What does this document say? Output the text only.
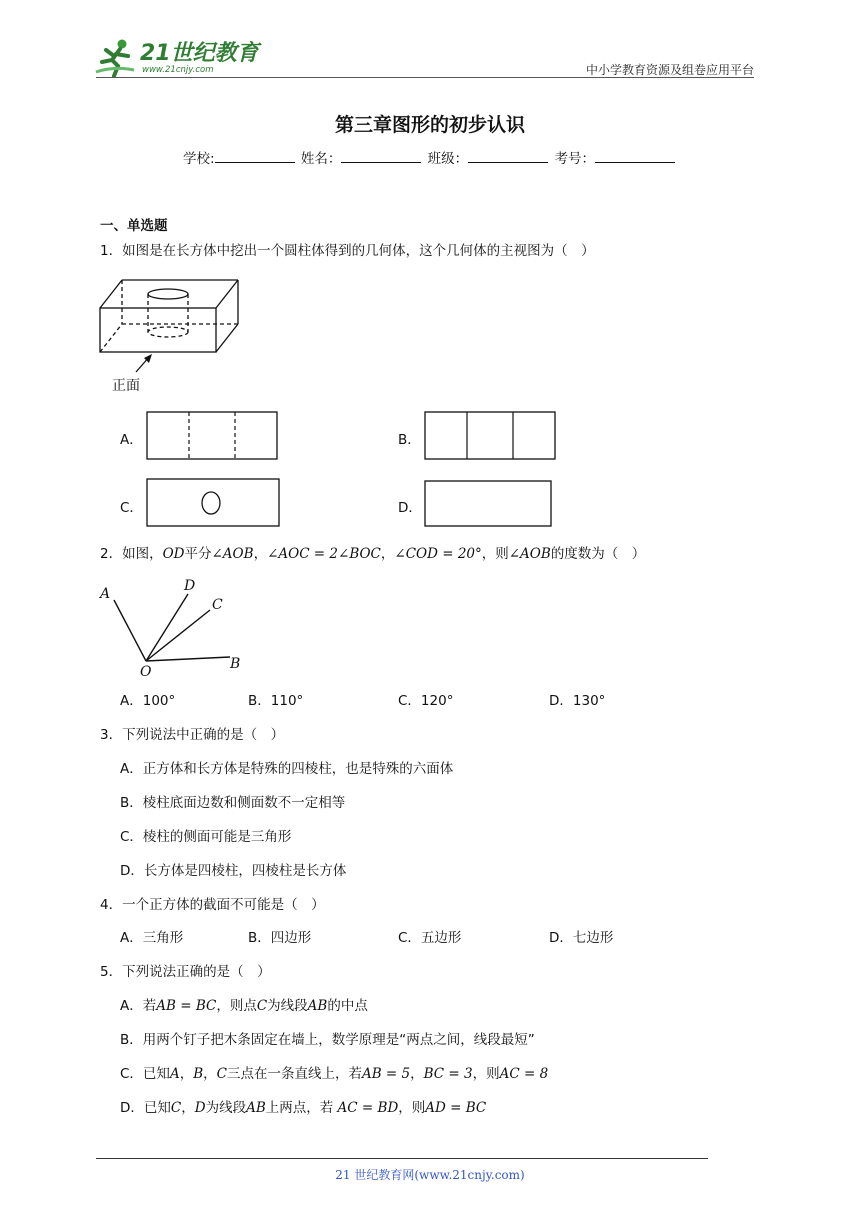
21世纪教育
www.21cnjy.com	中小学教育资源及组卷应用平台
第三章图形的初步认识
学校:	姓名：	班级：	考号：
一、单选题
1．如图是在长方体中挖出一个圆柱体得到的几何体，这个几何体的主视图为（　）
正面
A．	B．
C．	D．
2．如图，OD平分∠AOB，∠AOC = 2∠BOC，∠COD = 20°，则∠AOB的度数为（　）
A	D
C
O	B
A．100°	B．110°	C．120°	D．130°
3．下列说法中正确的是（　）
A．正方体和长方体是特殊的四棱柱，也是特殊的六面体
B．棱柱底面边数和侧面数不一定相等
C．棱柱的侧面可能是三角形
D．长方体是四棱柱，四棱柱是长方体
4．一个正方体的截面不可能是（　）
A．三角形	B．四边形	C．五边形	D．七边形
5．下列说法正确的是（　）
A．若AB = BC，则点C为线段AB的中点
B．用两个钉子把木条固定在墙上，数学原理是“两点之间，线段最短”
C．已知A，B，C三点在一条直线上，若AB = 5，BC = 3，则AC = 8
D．已知C，D为线段AB上两点，若 AC = BD，则AD = BC
21 世纪教育网(www.21cnjy.com)
